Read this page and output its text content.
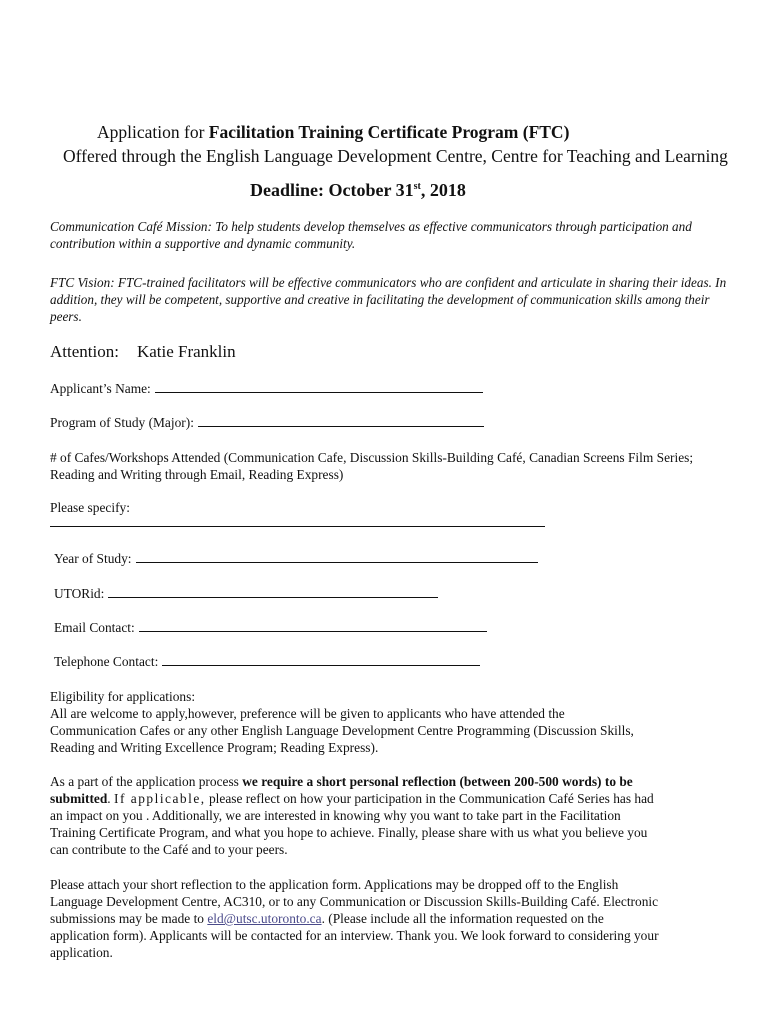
Application for Facilitation Training Certificate Program (FTC)
Offered through the English Language Development Centre, Centre for Teaching and Learning
Deadline: October 31st, 2018
Communication Café Mission: To help students develop themselves as effective communicators through participation and contribution within a supportive and dynamic community.
FTC Vision: FTC-trained facilitators will be effective communicators who are confident and articulate in sharing their ideas. In addition, they will be competent, supportive and creative in facilitating the development of communication skills among their peers.
Attention: Katie Franklin
Applicant’s Name:
Program of Study (Major):
# of Cafes/Workshops Attended (Communication Cafe, Discussion Skills-Building Café, Canadian Screens Film Series; Reading and Writing through Email, Reading Express)
Please specify:
Year of Study:
UTORid:
Email Contact:
Telephone Contact:
Eligibility for applications:
All are welcome to apply,however, preference will be given to applicants who have attended the Communication Cafes or any other English Language Development Centre Programming (Discussion Skills, Reading and Writing Excellence Program; Reading Express).
As a part of the application process we require a short personal reflection (between 200-500 words) to be submitted. If applicable, please reflect on how your participation in the Communication Café Series has had an impact on you . Additionally, we are interested in knowing why you want to take part in the Facilitation Training Certificate Program, and what you hope to achieve. Finally, please share with us what you believe you can contribute to the Café and to your peers.
Please attach your short reflection to the application form. Applications may be dropped off to the English Language Development Centre, AC310, or to any Communication or Discussion Skills-Building Café. Electronic submissions may be made to eld@utsc.utoronto.ca. (Please include all the information requested on the application form). Applicants will be contacted for an interview. Thank you. We look forward to considering your application.
